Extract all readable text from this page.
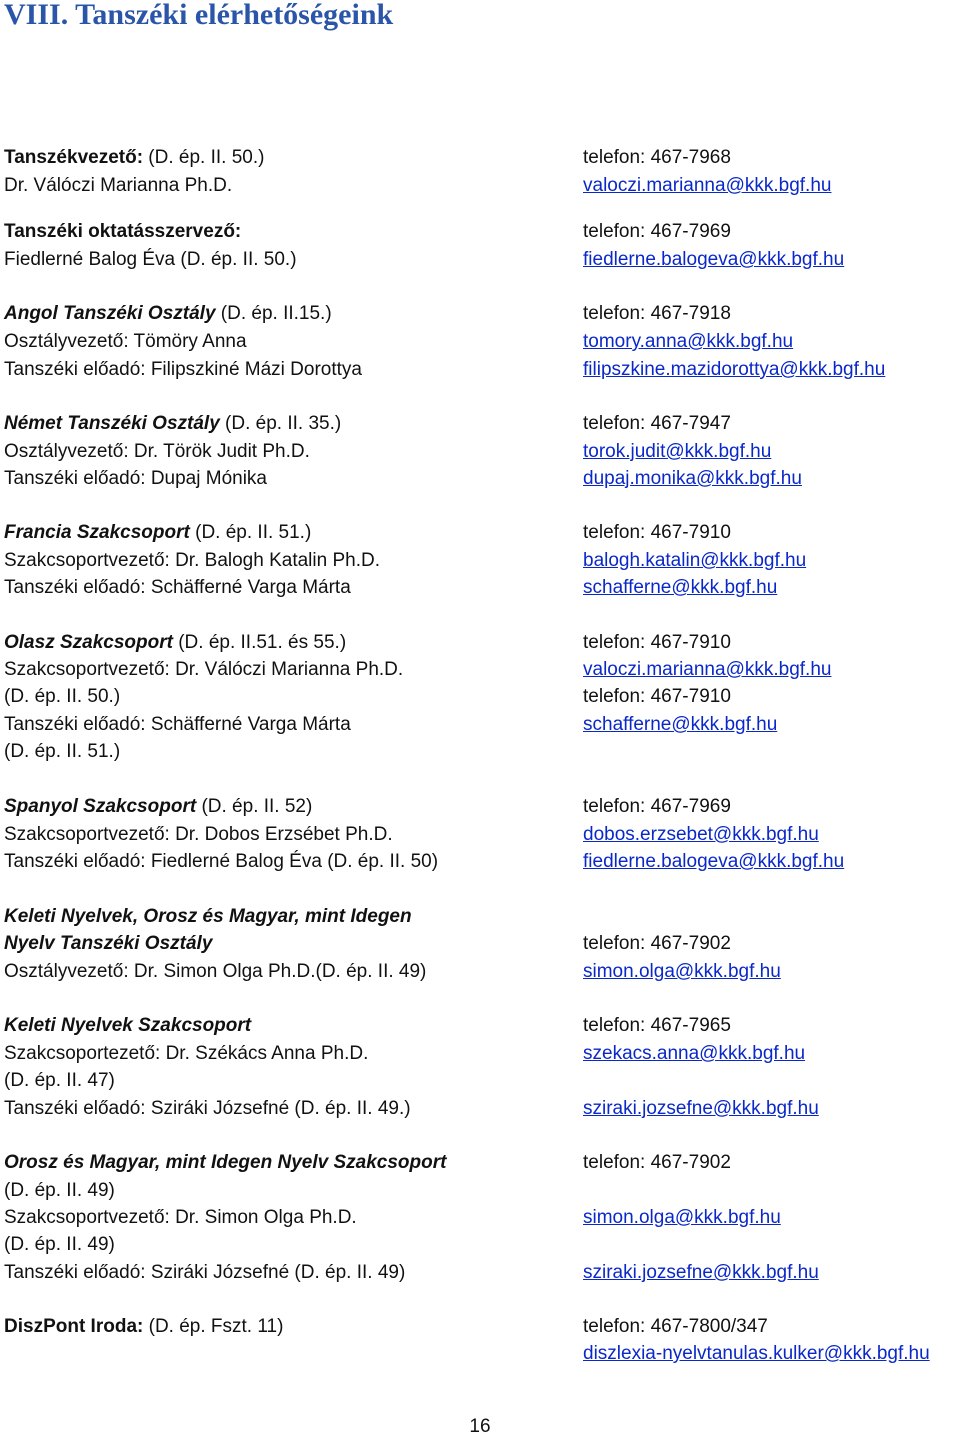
VIII. Tanszéki elérhetőségeink
Tanszékvezető: (D. ép. II. 50.)	telefon: 467-7968
Dr. Válóczi Marianna Ph.D.	valoczi.marianna@kkk.bgf.hu
Tanszéki oktatásszervező:	telefon: 467-7969
Fiedlerné Balog Éva (D. ép. II. 50.)	fiedlerne.balogeva@kkk.bgf.hu
Angol Tanszéki Osztály (D. ép. II.15.)	telefon: 467-7918
Osztályvezető: Tömöry Anna	tomory.anna@kkk.bgf.hu
Tanszéki előadó: Filipszkiné Mázi Dorottya	filipszkine.mazidorottya@kkk.bgf.hu
Német Tanszéki Osztály (D. ép. II. 35.)	telefon: 467-7947
Osztályvezető: Dr. Török Judit Ph.D.	torok.judit@kkk.bgf.hu
Tanszéki előadó: Dupaj Mónika	dupaj.monika@kkk.bgf.hu
Francia Szakcsoport (D. ép. II. 51.)	telefon: 467-7910
Szakcsoportvezető: Dr. Balogh Katalin Ph.D.	balogh.katalin@kkk.bgf.hu
Tanszéki előadó: Schäfferné Varga Márta	schafferne@kkk.bgf.hu
Olasz Szakcsoport (D. ép. II.51. és 55.)	telefon: 467-7910
Szakcsoportvezető: Dr. Válóczi Marianna Ph.D.	valoczi.marianna@kkk.bgf.hu
(D. ép. II. 50.)	telefon: 467-7910
Tanszéki előadó: Schäfferné Varga Márta	schafferne@kkk.bgf.hu
(D. ép. II. 51.)
Spanyol Szakcsoport (D. ép. II. 52)	telefon: 467-7969
Szakcsoportvezető: Dr. Dobos Erzsébet Ph.D.	dobos.erzsebet@kkk.bgf.hu
Tanszéki előadó: Fiedlerné Balog Éva (D. ép. II. 50)	fiedlerne.balogeva@kkk.bgf.hu
Keleti Nyelvek, Orosz és Magyar, mint Idegen
Nyelv Tanszéki Osztály	telefon: 467-7902
Osztályvezető: Dr. Simon Olga Ph.D.(D. ép. II. 49)	simon.olga@kkk.bgf.hu
Keleti Nyelvek Szakcsoport	telefon: 467-7965
Szakcsoportezető: Dr. Székács Anna Ph.D.	szekacs.anna@kkk.bgf.hu
(D. ép. II. 47)
Tanszéki előadó: Sziráki Józsefné (D. ép. II. 49.)	sziraki.jozsefne@kkk.bgf.hu
Orosz és Magyar, mint Idegen Nyelv Szakcsoport	telefon: 467-7902
(D. ép. II. 49)
Szakcsoportvezető: Dr. Simon Olga Ph.D.	simon.olga@kkk.bgf.hu
(D. ép. II. 49)
Tanszéki előadó: Sziráki Józsefné (D. ép. II. 49)	sziraki.jozsefne@kkk.bgf.hu
DiszPont Iroda: (D. ép. Fszt. 11)	telefon: 467-7800/347
diszlexia-nyelvtanulas.kulker@kkk.bgf.hu
16
